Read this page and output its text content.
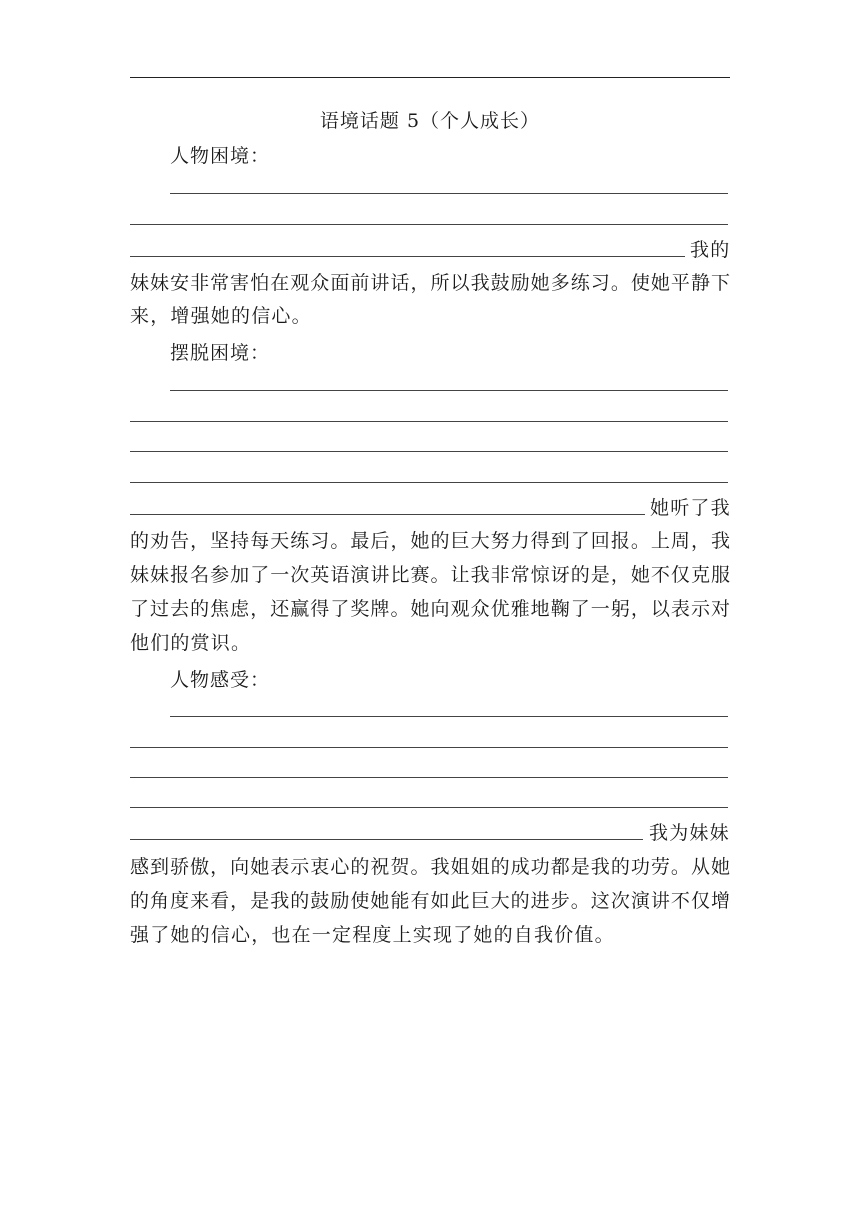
语境话题 5（个人成长）
人物困境：
我的
妹妹安非常害怕在观众面前讲话，所以我鼓励她多练习。使她平静下
来，增强她的信心。
摆脱困境：
她听了我
的劝告，坚持每天练习。最后，她的巨大努力得到了回报。上周，我
妹妹报名参加了一次英语演讲比赛。让我非常惊讶的是，她不仅克服
了过去的焦虑，还赢得了奖牌。她向观众优雅地鞠了一躬，以表示对
他们的赏识。
人物感受：
我为妹妹
感到骄傲，向她表示衷心的祝贺。我姐姐的成功都是我的功劳。从她
的角度来看，是我的鼓励使她能有如此巨大的进步。这次演讲不仅增
强了她的信心，也在一定程度上实现了她的自我价值。
